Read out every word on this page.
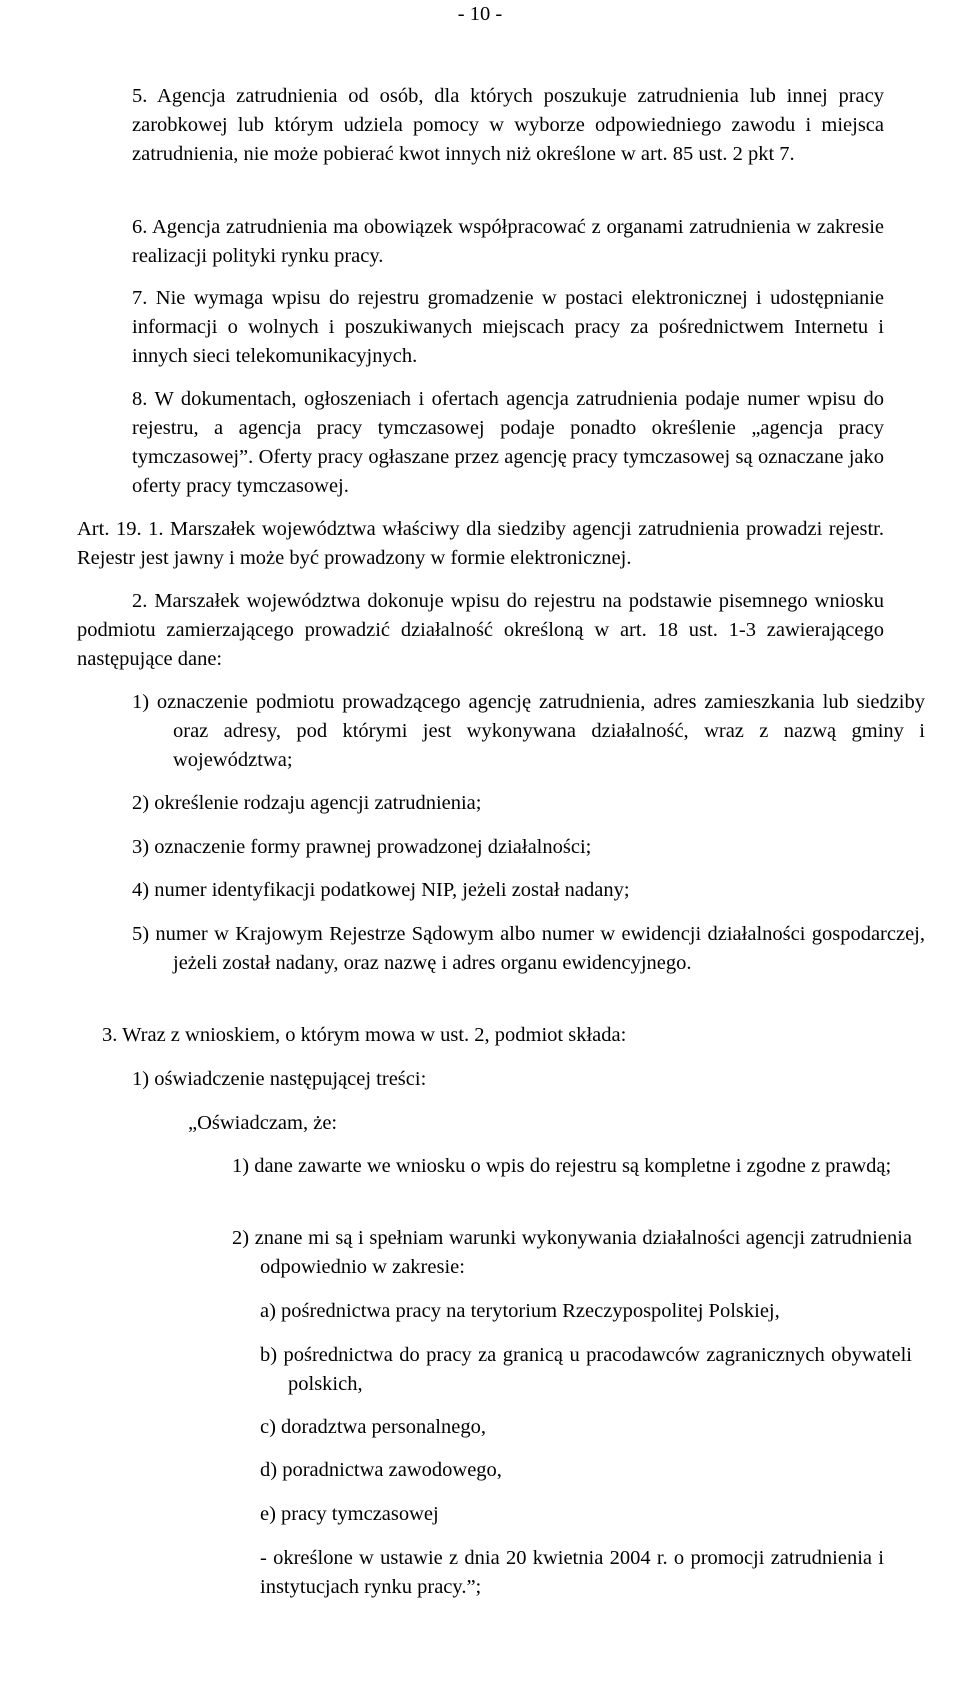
- 10 -
5. Agencja zatrudnienia od osób, dla których poszukuje zatrudnienia lub innej pracy zarobkowej lub którym udziela pomocy w wyborze odpowiedniego zawodu i miejsca zatrudnienia, nie może pobierać kwot innych niż określone w art. 85 ust. 2 pkt 7.
6. Agencja zatrudnienia ma obowiązek współpracować z organami zatrudnienia w zakresie realizacji polityki rynku pracy.
7. Nie wymaga wpisu do rejestru gromadzenie w postaci elektronicznej i udostępnianie informacji o wolnych i poszukiwanych miejscach pracy za pośrednictwem Internetu i innych sieci telekomunikacyjnych.
8. W dokumentach, ogłoszeniach i ofertach agencja zatrudnienia podaje numer wpisu do rejestru, a agencja pracy tymczasowej podaje ponadto określenie „agencja pracy tymczasowej”. Oferty pracy ogłaszane przez agencję pracy tymczasowej są oznaczane jako oferty pracy tymczasowej.
Art. 19. 1. Marszałek województwa właściwy dla siedziby agencji zatrudnienia prowadzi rejestr. Rejestr jest jawny i może być prowadzony w formie elektronicznej.
2. Marszałek województwa dokonuje wpisu do rejestru na podstawie pisemnego wniosku podmiotu zamierzającego prowadzić działalność określoną w art. 18 ust. 1-3 zawierającego następujące dane:
1) oznaczenie podmiotu prowadzącego agencję zatrudnienia, adres zamieszkania lub siedziby oraz adresy, pod którymi jest wykonywana działalność, wraz z nazwą gminy i województwa;
2) określenie rodzaju agencji zatrudnienia;
3) oznaczenie formy prawnej prowadzonej działalności;
4) numer identyfikacji podatkowej NIP, jeżeli został nadany;
5) numer w Krajowym Rejestrze Sądowym albo numer w ewidencji działalności gospodarczej, jeżeli został nadany, oraz nazwę i adres organu ewidencyjnego.
3. Wraz z wnioskiem, o którym mowa w ust. 2, podmiot składa:
1) oświadczenie następującej treści:
„Oświadczam, że:
1) dane zawarte we wniosku o wpis do rejestru są kompletne i zgodne z prawdą;
2) znane mi są i spełniam warunki wykonywania działalności agencji zatrudnienia odpowiednio w zakresie:
a) pośrednictwa pracy na terytorium Rzeczypospolitej Polskiej,
b) pośrednictwa do pracy za granicą u pracodawców zagranicznych obywateli polskich,
c) doradztwa personalnego,
d) poradnictwa zawodowego,
e) pracy tymczasowej
- określone w ustawie z dnia 20 kwietnia 2004 r. o promocji zatrudnienia i instytucjach rynku pracy.”;
